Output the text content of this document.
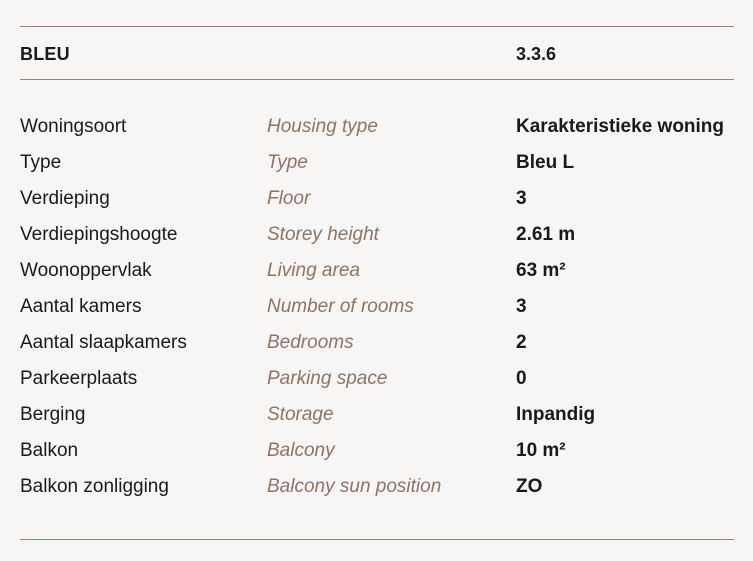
BLEU	3.3.6
Woningsoort	Housing type	Karakteristieke woning
Type	Type	Bleu L
Verdieping	Floor	3
Verdiepingshoogte	Storey height	2.61 m
Woonoppervlak	Living area	63 m²
Aantal kamers	Number of rooms	3
Aantal slaapkamers	Bedrooms	2
Parkeerplaats	Parking space	0
Berging	Storage	Inpandig
Balkon	Balcony	10 m²
Balkon zonligging	Balcony sun position	ZO
